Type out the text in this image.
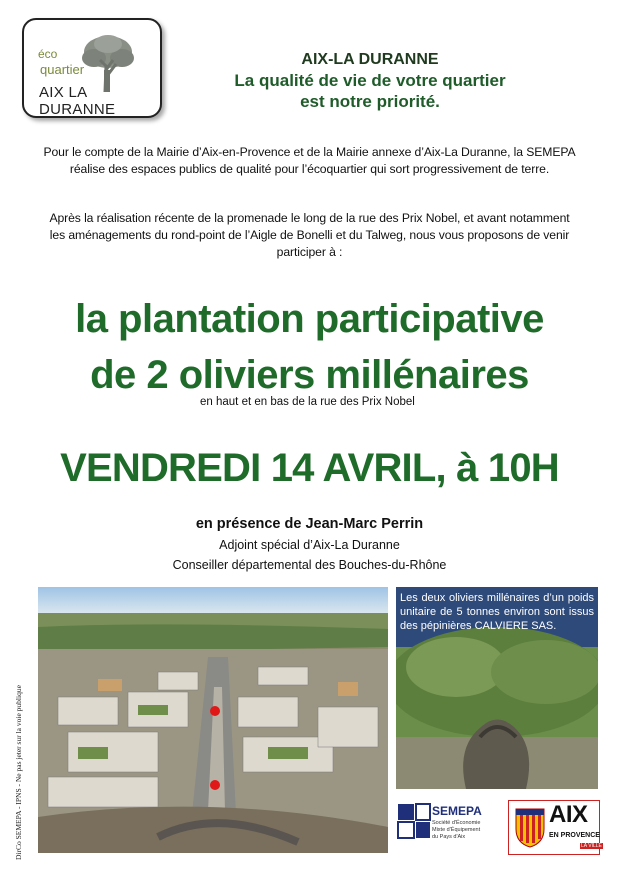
éco
quartier
AIX LA DURANNE
AIX-LA DURANNE
La qualité de vie de votre quartier
est notre priorité.
Pour le compte de la Mairie d’Aix-en-Provence et de la Mairie annexe d’Aix-La Duranne, la SEMEPA
réalise des espaces publics de qualité pour l’écoquartier qui sort progressivement de terre.
Après la réalisation récente de la promenade le long de la rue des Prix Nobel, et avant notamment
les aménagements du rond-point de l’Aigle de Bonelli et du Talweg, nous vous proposons de venir
participer à :
la plantation participative
de 2 oliviers millénaires
en haut et en bas de la rue des Prix Nobel
VENDREDI 14 AVRIL, à 10H
en présence de Jean-Marc Perrin
Adjoint spécial d’Aix-La Duranne
Conseiller départemental des Bouches-du-Rhône
DirCo SEMEPA - IPNS - Ne pas jeter sur la voie publique
Les deux oliviers millénaires d’un poids unitaire de 5 tonnes environ sont issus des pépinières CALVIERE SAS.
SEMEPA
Société d'Économie
Mixte d'Équipement
du Pays d'Aix
AIX
EN PROVENCE
LA VILLE
